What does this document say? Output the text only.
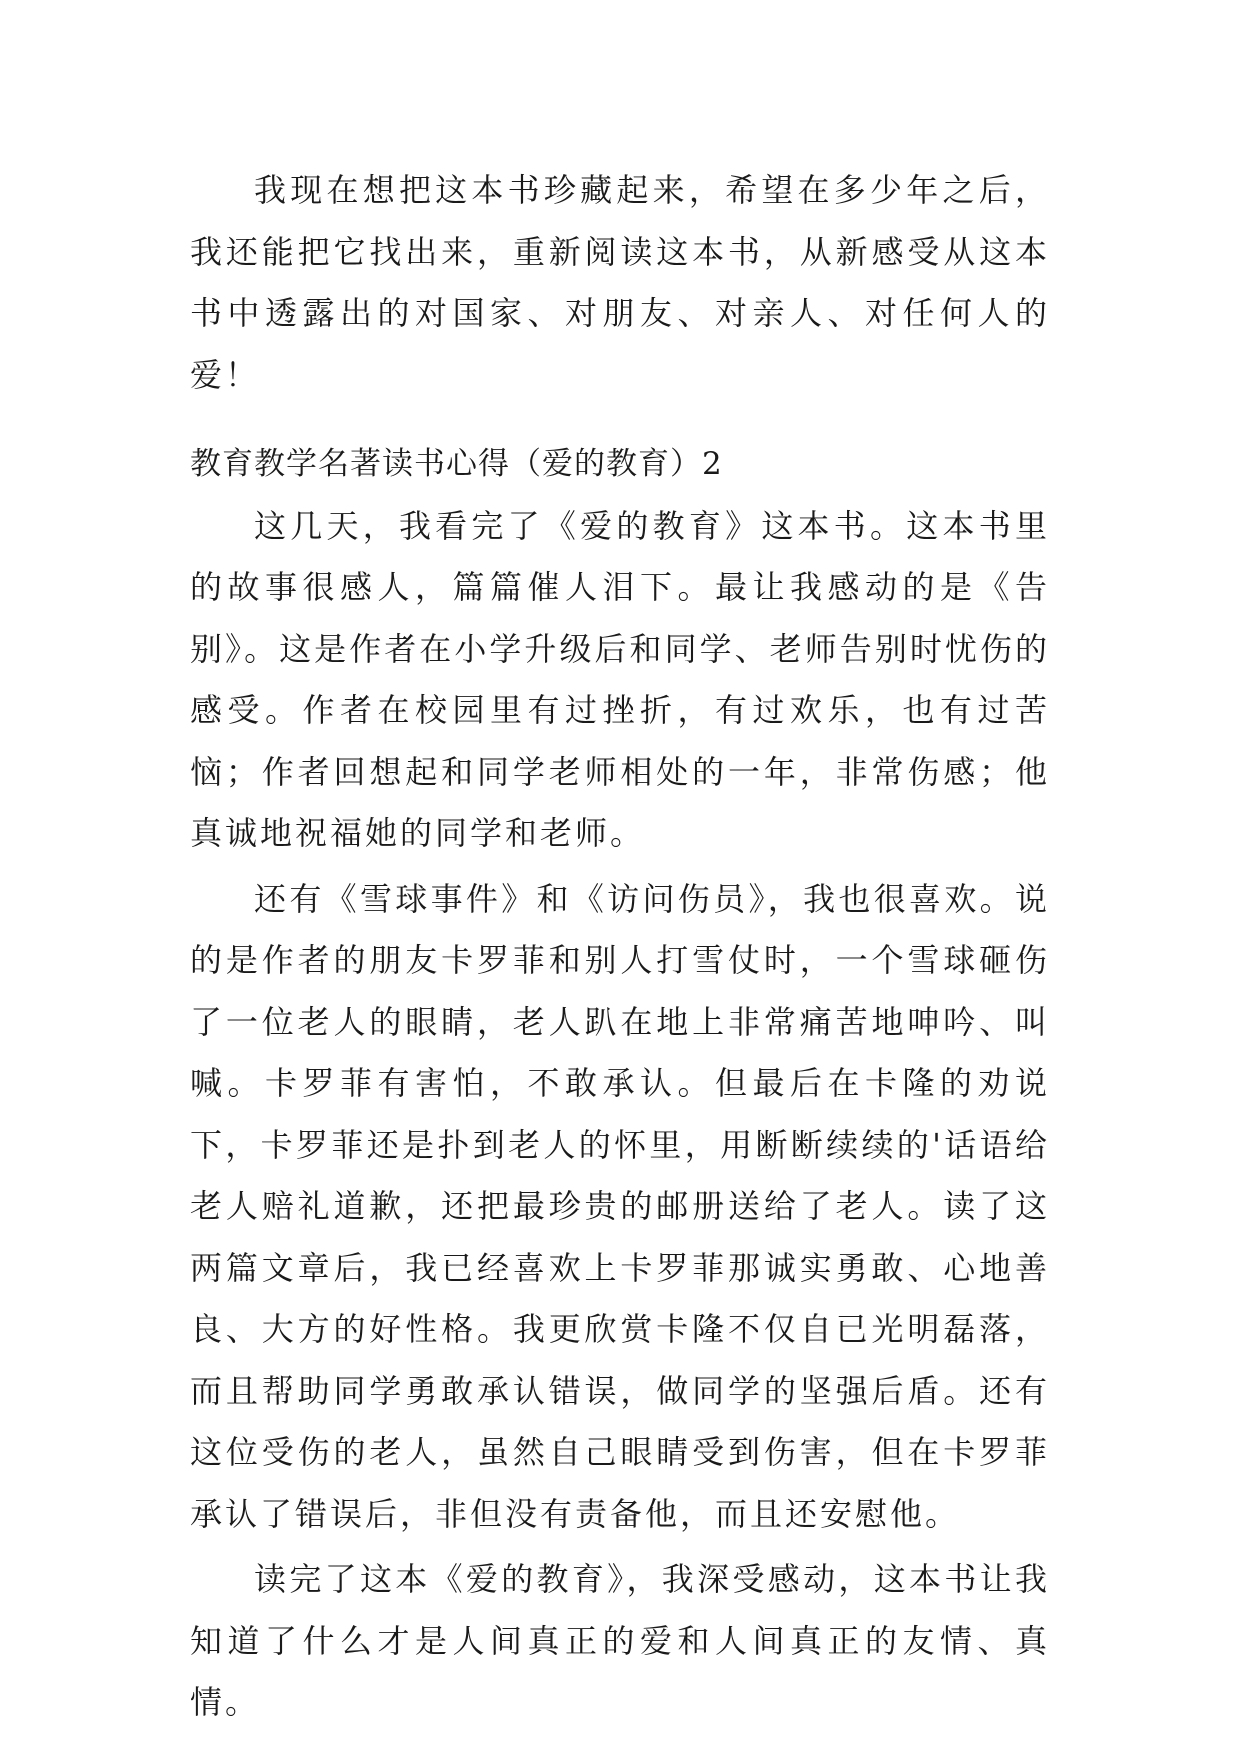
我现在想把这本书珍藏起来，希望在多少年之后，我还能把它找出来，重新阅读这本书，从新感受从这本书中透露出的对国家、对朋友、对亲人、对任何人的爱！

教育教学名著读书心得（爱的教育）2

这几天，我看完了《爱的教育》这本书。这本书里的故事很感人，篇篇催人泪下。最让我感动的是《告别》。这是作者在小学升级后和同学、老师告别时忧伤的感受。作者在校园里有过挫折，有过欢乐，也有过苦恼；作者回想起和同学老师相处的一年，非常伤感；他真诚地祝福她的同学和老师。

还有《雪球事件》和《访问伤员》，我也很喜欢。说的是作者的朋友卡罗菲和别人打雪仗时，一个雪球砸伤了一位老人的眼睛，老人趴在地上非常痛苦地呻吟、叫喊。卡罗菲有害怕，不敢承认。但最后在卡隆的劝说下，卡罗菲还是扑到老人的怀里，用断断续续的'话语给老人赔礼道歉，还把最珍贵的邮册送给了老人。读了这两篇文章后，我已经喜欢上卡罗菲那诚实勇敢、心地善良、大方的好性格。我更欣赏卡隆不仅自已光明磊落，而且帮助同学勇敢承认错误，做同学的坚强后盾。还有这位受伤的老人，虽然自己眼睛受到伤害，但在卡罗菲承认了错误后，非但没有责备他，而且还安慰他。

读完了这本《爱的教育》，我深受感动，这本书让我知道了什么才是人间真正的爱和人间真正的友情、真情。
